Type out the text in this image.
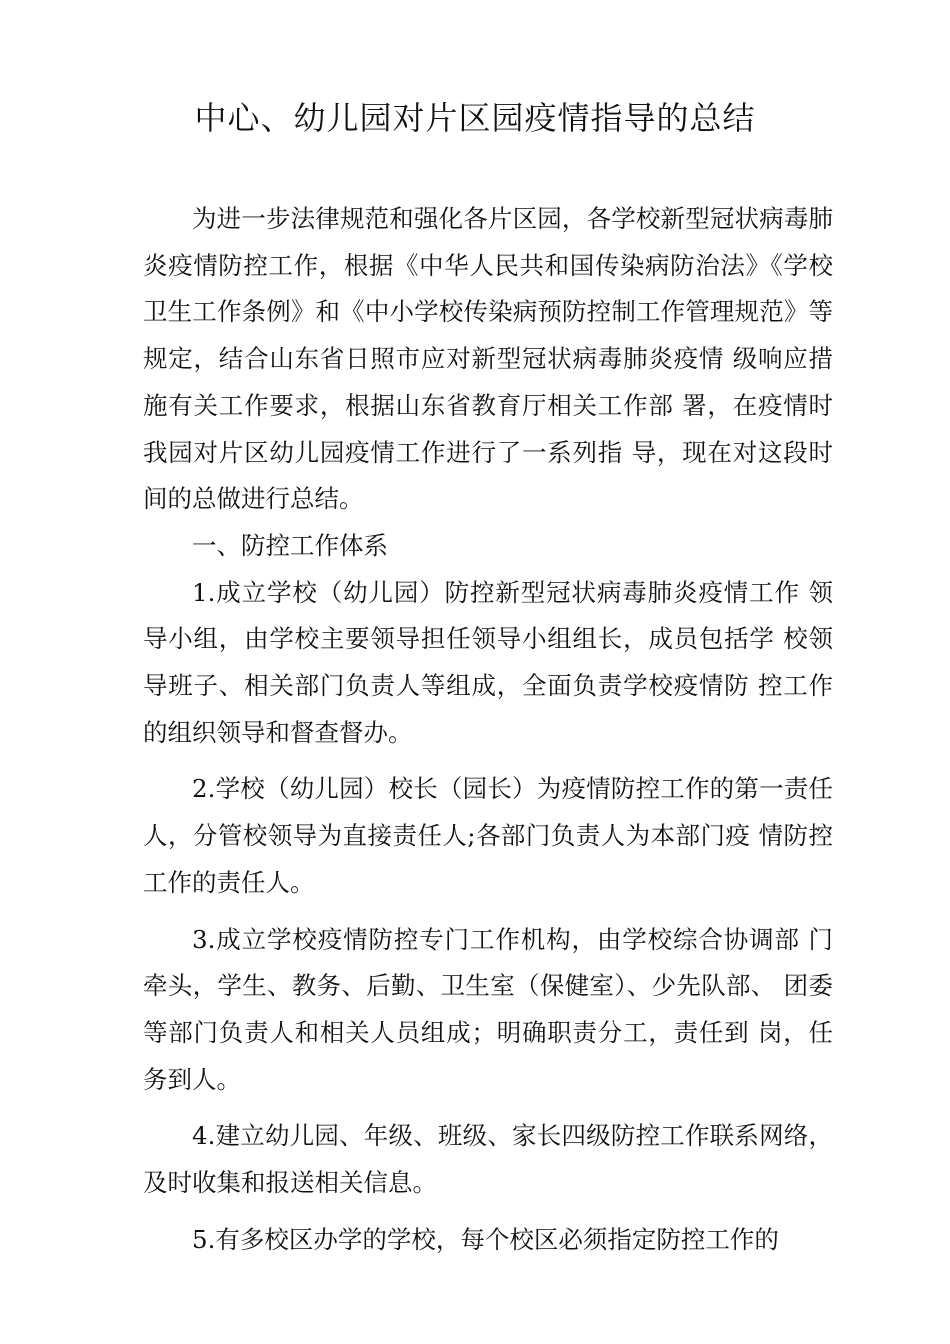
中心、幼儿园对片区园疫情指导的总结

为进一步法律规范和强化各片区园，各学校新型冠状病毒肺炎疫情防控工作，根据《中华人民共和国传染病防治法》《学校卫生工作条例》和《中小学校传染病预防控制工作管理规范》等规定，结合山东省日照市应对新型冠状病毒肺炎疫情 级响应措施有关工作要求，根据山东省教育厅相关工作部 署，在疫情时我园对片区幼儿园疫情工作进行了一系列指 导，现在对这段时间的总做进行总结。

一、防控工作体系

1.成立学校（幼儿园）防控新型冠状病毒肺炎疫情工作 领导小组，由学校主要领导担任领导小组组长，成员包括学 校领导班子、相关部门负责人等组成，全面负责学校疫情防 控工作的组织领导和督查督办。

2.学校（幼儿园）校长（园长）为疫情防控工作的第一责任人，分管校领导为直接责任人;各部门负责人为本部门疫 情防控工作的责任人。

3.成立学校疫情防控专门工作机构，由学校综合协调部 门牵头，学生、教务、后勤、卫生室（保健室）、少先队部、 团委等部门负责人和相关人员组成；明确职责分工，责任到 岗，任务到人。

4.建立幼儿园、年级、班级、家长四级防控工作联系网络，及时收集和报送相关信息。

5.有多校区办学的学校，每个校区必须指定防控工作的
